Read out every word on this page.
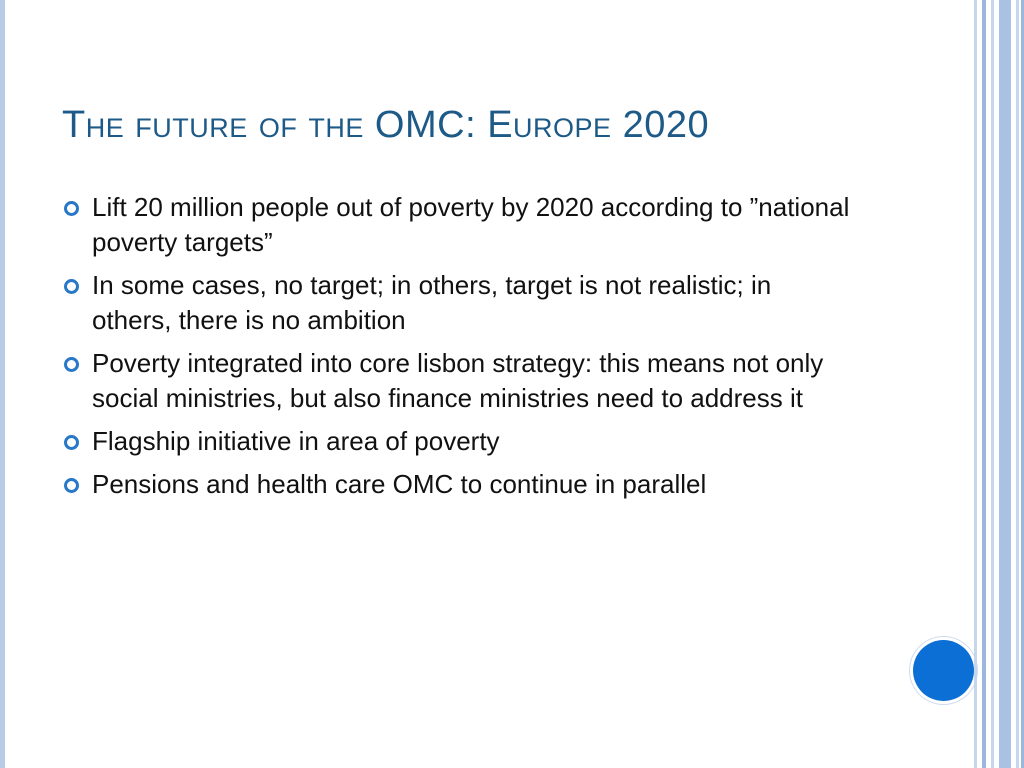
The future of the OMC: Europe 2020
Lift 20 million people out of poverty by 2020 according to ”national poverty targets”
In some cases, no target; in others, target is not realistic; in others, there is no ambition
Poverty integrated into core lisbon strategy: this means not only social ministries, but also finance ministries need to address it
Flagship initiative in area of poverty
Pensions and health care OMC to continue in parallel
